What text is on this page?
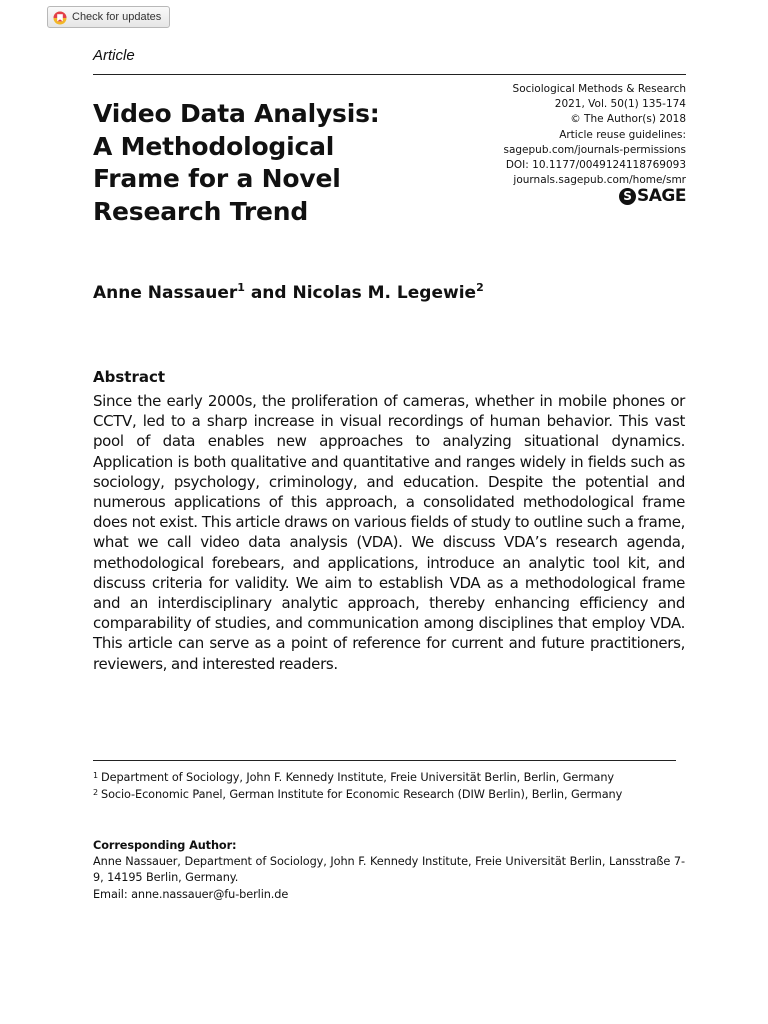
Check for updates
Article
Video Data Analysis:
A Methodological
Frame for a Novel
Research Trend
Sociological Methods & Research
2021, Vol. 50(1) 135-174
© The Author(s) 2018
Article reuse guidelines:
sagepub.com/journals-permissions
DOI: 10.1177/0049124118769093
journals.sagepub.com/home/smr
S SAGE
Anne Nassauer$^1$ and Nicolas M. Legewie$^2$
Abstract

Since the early 2000s, the proliferation of cameras, whether in mobile phones or CCTV, led to a sharp increase in visual recordings of human behavior. This vast pool of data enables new approaches to analyzing situational dynamics. Application is both qualitative and quantitative and ranges widely in fields such as sociology, psychology, criminology, and education. Despite the potential and numerous applications of this approach, a consolidated methodological frame does not exist. This article draws on various fields of study to outline such a frame, what we call video data analysis (VDA). We discuss VDA’s research agenda, methodological forebears, and applications, introduce an analytic tool kit, and discuss criteria for validity. We aim to establish VDA as a methodological frame and an interdisciplinary analytic approach, thereby enhancing efficiency and comparability of studies, and communication among disciplines that employ VDA. This article can serve as a point of reference for current and future practitioners, reviewers, and interested readers.

1 Department of Sociology, John F. Kennedy Institute, Freie Universität Berlin, Berlin, Germany
2 Socio-Economic Panel, German Institute for Economic Research (DIW Berlin), Berlin, Germany
Corresponding Author:
Anne Nassauer, Department of Sociology, John F. Kennedy Institute, Freie Universität Berlin, Lansstraße 7-9, 14195 Berlin, Germany.
Email: anne.nassauer@fu-berlin.de
